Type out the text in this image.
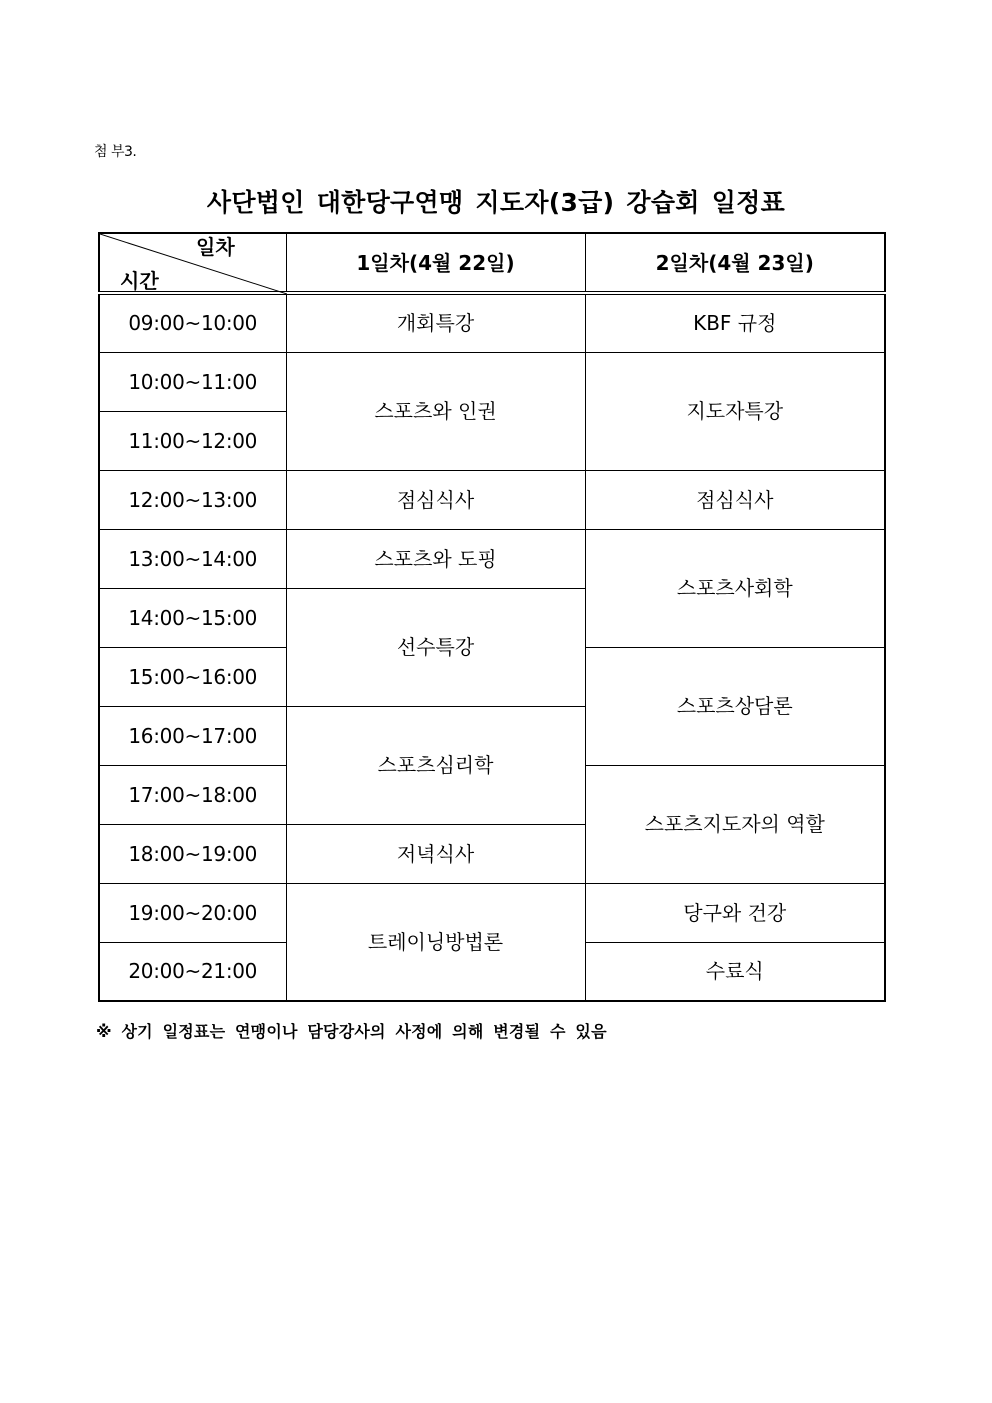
첨 부3.
사단법인 대한당구연맹 지도자(3급) 강습회 일정표
일차
시간	1일차(4월 22일)	2일차(4월 23일)
09:00~10:00	개회특강	KBF 규정
10:00~11:00	스포츠와 인권	지도자특강
11:00~12:00		
12:00~13:00	점심식사	점심식사
13:00~14:00	스포츠와 도핑	스포츠사회학
14:00~15:00	선수특강	
15:00~16:00		스포츠상담론
16:00~17:00	스포츠심리학	
17:00~18:00		스포츠지도자의 역할
18:00~19:00	저녁식사	
19:00~20:00	트레이닝방법론	당구와 건강
20:00~21:00		수료식
※ 상기 일정표는 연맹이나 담당강사의 사정에 의해 변경될 수 있음
